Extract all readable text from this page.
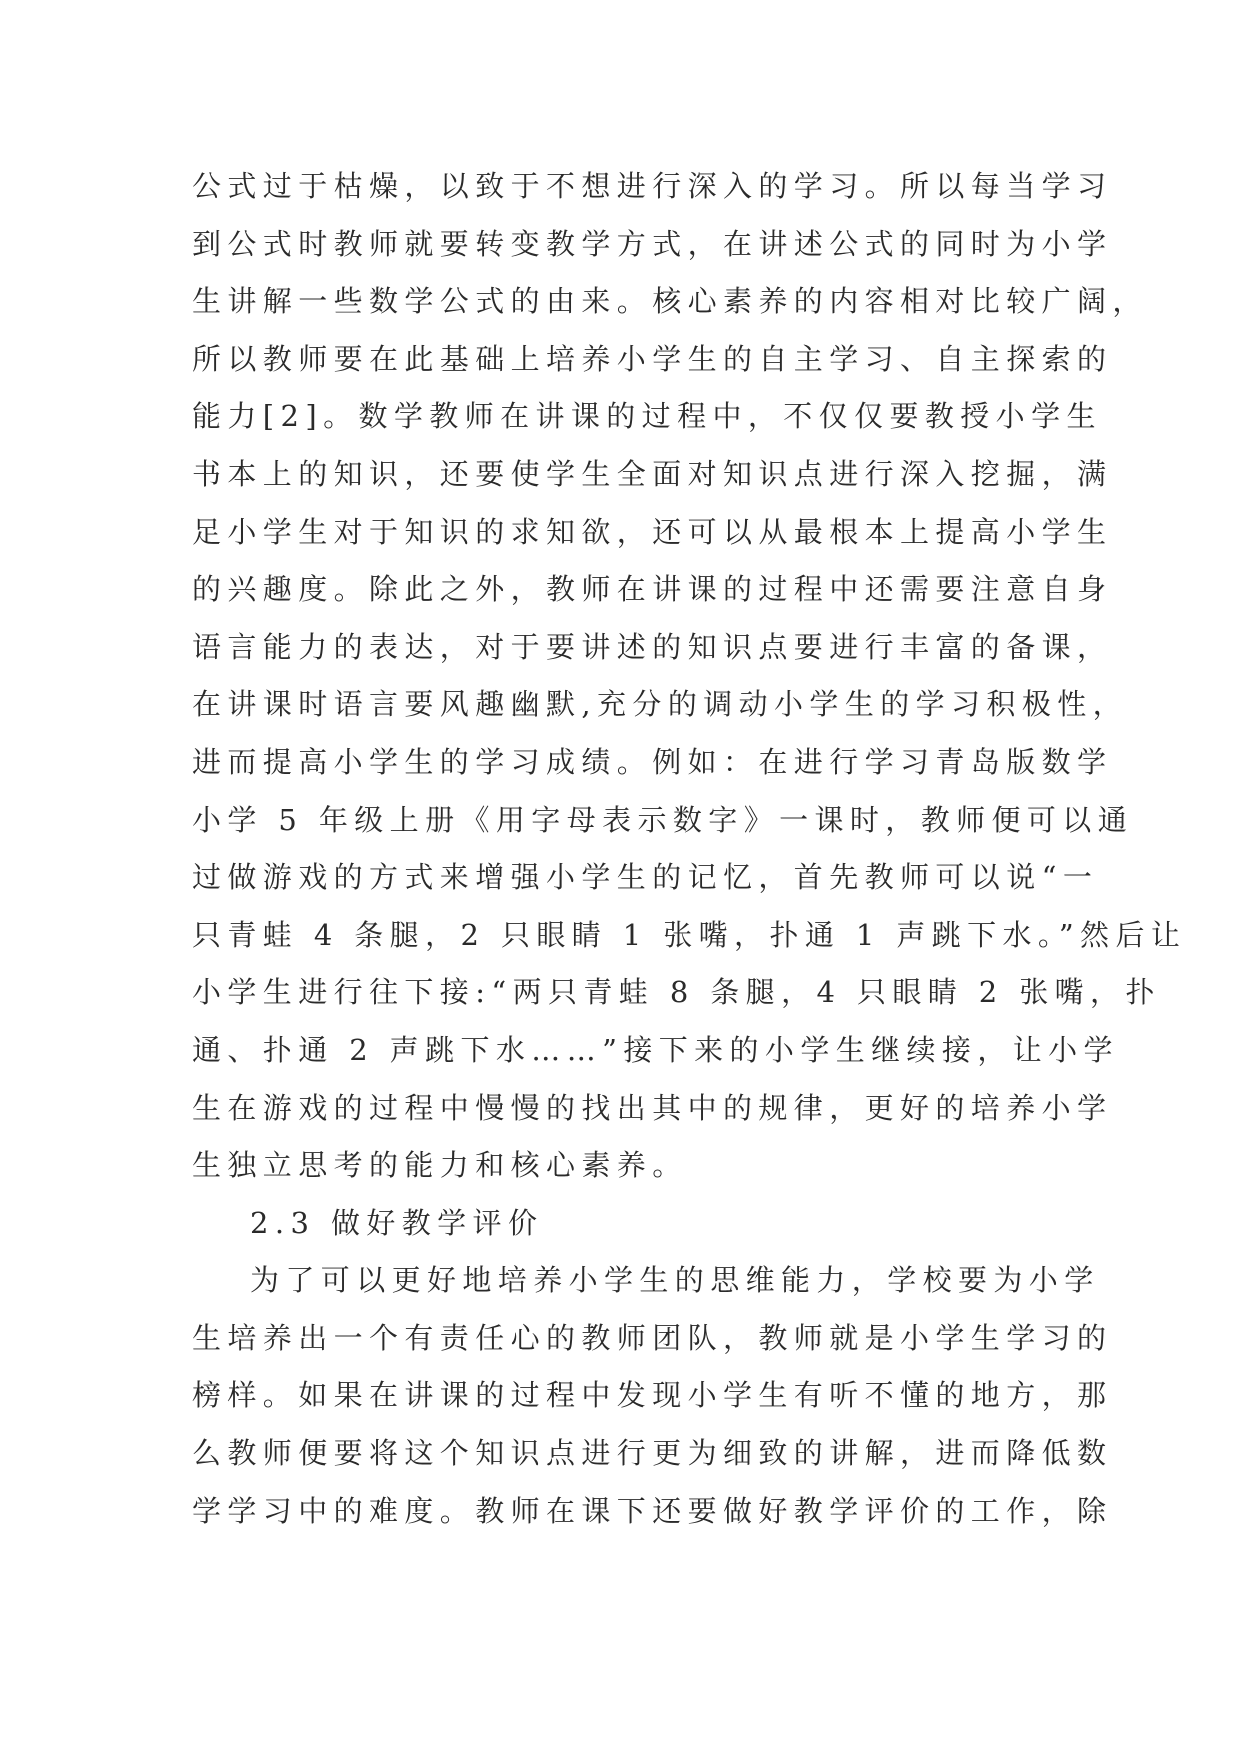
公式过于枯燥，以致于不想进行深入的学习。所以每当学习
到公式时教师就要转变教学方式，在讲述公式的同时为小学
生讲解一些数学公式的由来。核心素养的内容相对比较广阔，
所以教师要在此基础上培养小学生的自主学习、自主探索的
能力[2]。数学教师在讲课的过程中，不仅仅要教授小学生
书本上的知识，还要使学生全面对知识点进行深入挖掘，满
足小学生对于知识的求知欲，还可以从最根本上提高小学生
的兴趣度。除此之外，教师在讲课的过程中还需要注意自身
语言能力的表达，对于要讲述的知识点要进行丰富的备课，
在讲课时语言要风趣幽默,充分的调动小学生的学习积极性，
进而提高小学生的学习成绩。例如：在进行学习青岛版数学
小学 5 年级上册《用字母表示数字》一课时，教师便可以通
过做游戏的方式来增强小学生的记忆，首先教师可以说“一
只青蛙 4 条腿，2 只眼睛 1 张嘴，扑通 1 声跳下水。”然后让
小学生进行往下接:“两只青蛙 8 条腿，4 只眼睛 2 张嘴，扑
通、扑通 2 声跳下水……”接下来的小学生继续接，让小学
生在游戏的过程中慢慢的找出其中的规律，更好的培养小学
生独立思考的能力和核心素养。
2.3 做好教学评价
为了可以更好地培养小学生的思维能力，学校要为小学
生培养出一个有责任心的教师团队，教师就是小学生学习的
榜样。如果在讲课的过程中发现小学生有听不懂的地方，那
么教师便要将这个知识点进行更为细致的讲解，进而降低数
学学习中的难度。教师在课下还要做好教学评价的工作，除
